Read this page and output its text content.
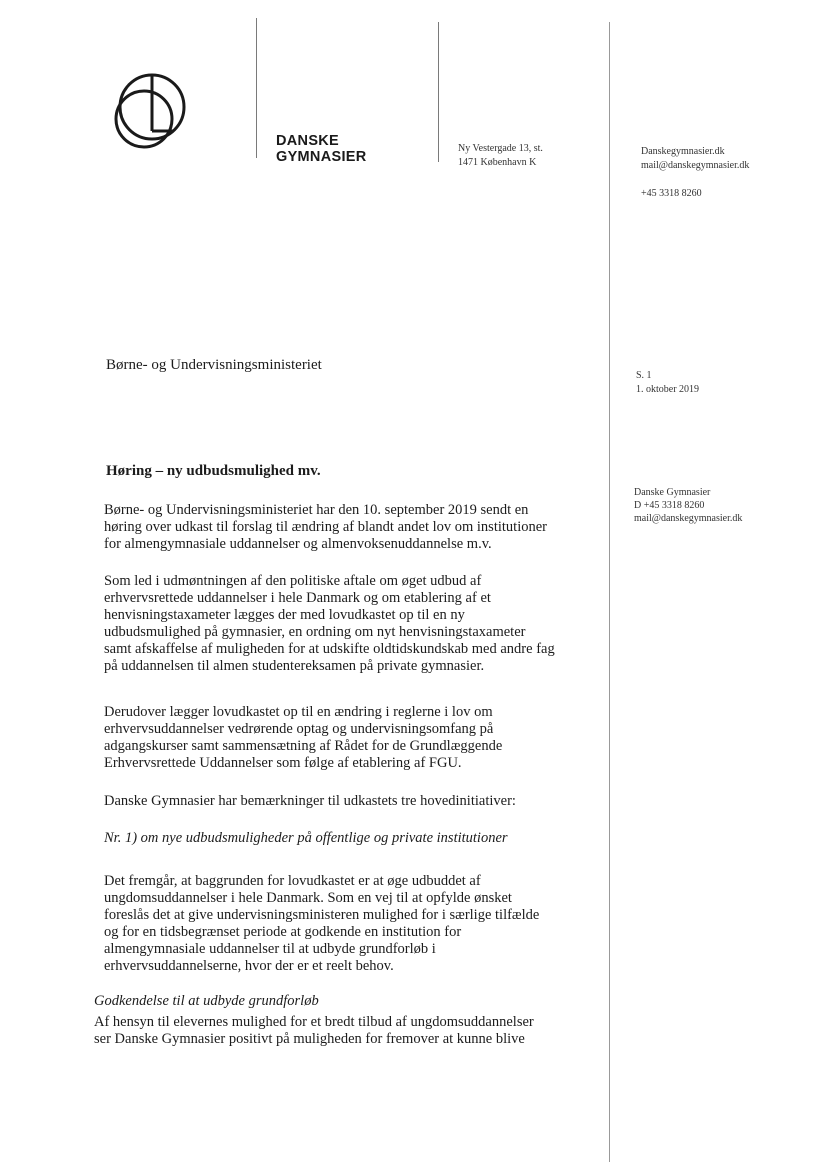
DANSKE
GYMNASIER
Ny Vestergade 13, st.
1471 København K
Danskegymnasier.dk
mail@danskegymnasier.dk
+45 3318 8260
Børne- og Undervisningsministeriet
S. 1
1. oktober 2019
Danske Gymnasier
D +45 3318 8260
mail@danskegymnasier.dk
Høring – ny udbudsmulighed mv.
Børne- og Undervisningsministeriet har den 10. september 2019 sendt en
høring over udkast til forslag til ændring af blandt andet lov om institutioner
for almengymnasiale uddannelser og almenvoksenuddannelse m.v.
Som led i udmøntningen af den politiske aftale om øget udbud af
erhvervsrettede uddannelser i hele Danmark og om etablering af et
henvisningstaxameter lægges der med lovudkastet op til en ny
udbudsmulighed på gymnasier, en ordning om nyt henvisningstaxameter
samt afskaffelse af muligheden for at udskifte oldtidskundskab med andre fag
på uddannelsen til almen studentereksamen på private gymnasier.
Derudover lægger lovudkastet op til en ændring i reglerne i lov om
erhvervsuddannelser vedrørende optag og undervisningsomfang på
adgangskurser samt sammensætning af Rådet for de Grundlæggende
Erhvervsrettede Uddannelser som følge af etablering af FGU.
Danske Gymnasier har bemærkninger til udkastets tre hovedinitiativer:
Nr. 1) om nye udbudsmuligheder på offentlige og private institutioner
Det fremgår, at baggrunden for lovudkastet er at øge udbuddet af
ungdomsuddannelser i hele Danmark. Som en vej til at opfylde ønsket
foreslås det at give undervisningsministeren mulighed for i særlige tilfælde
og for en tidsbegrænset periode at godkende en institution for
almengymnasiale uddannelser til at udbyde grundforløb i
erhvervsuddannelserne, hvor der er et reelt behov.
Godkendelse til at udbyde grundforløb
Af hensyn til elevernes mulighed for et bredt tilbud af ungdomsuddannelser
ser Danske Gymnasier positivt på muligheden for fremover at kunne blive
